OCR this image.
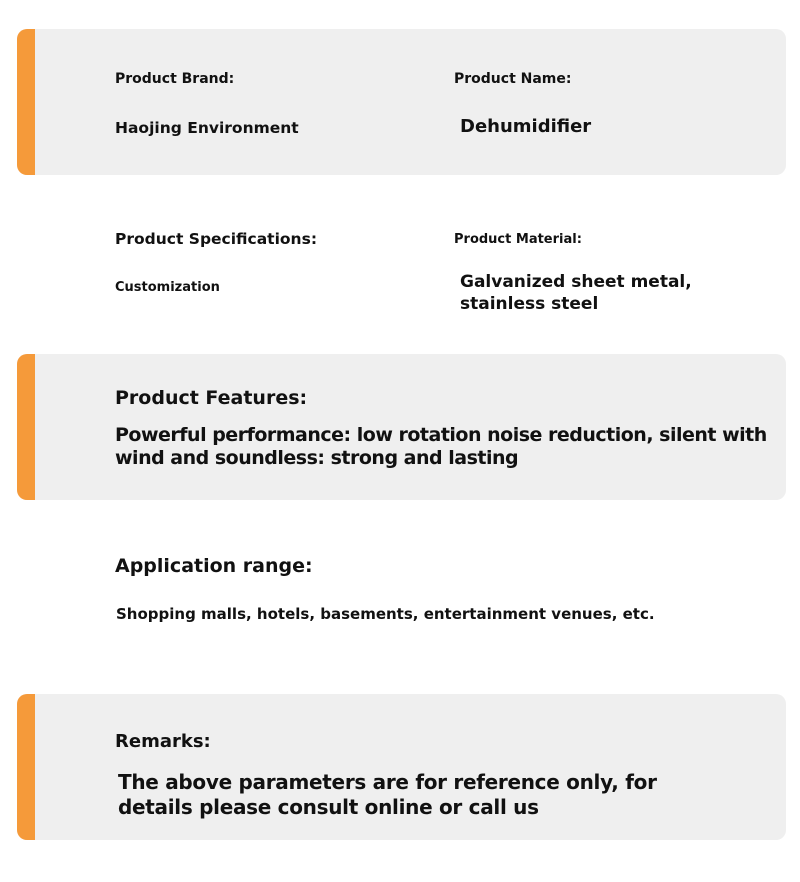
Product Brand:
Haojing Environment
Product Name:
Dehumidifier
Product Specifications:
Customization
Product Material:
Galvanized sheet metal,
stainless steel
Product Features:
Powerful performance: low rotation noise reduction, silent with
wind and soundless: strong and lasting
Application range:
Shopping malls, hotels, basements, entertainment venues, etc.
Remarks:
The above parameters are for reference only, for
details please consult online or call us
